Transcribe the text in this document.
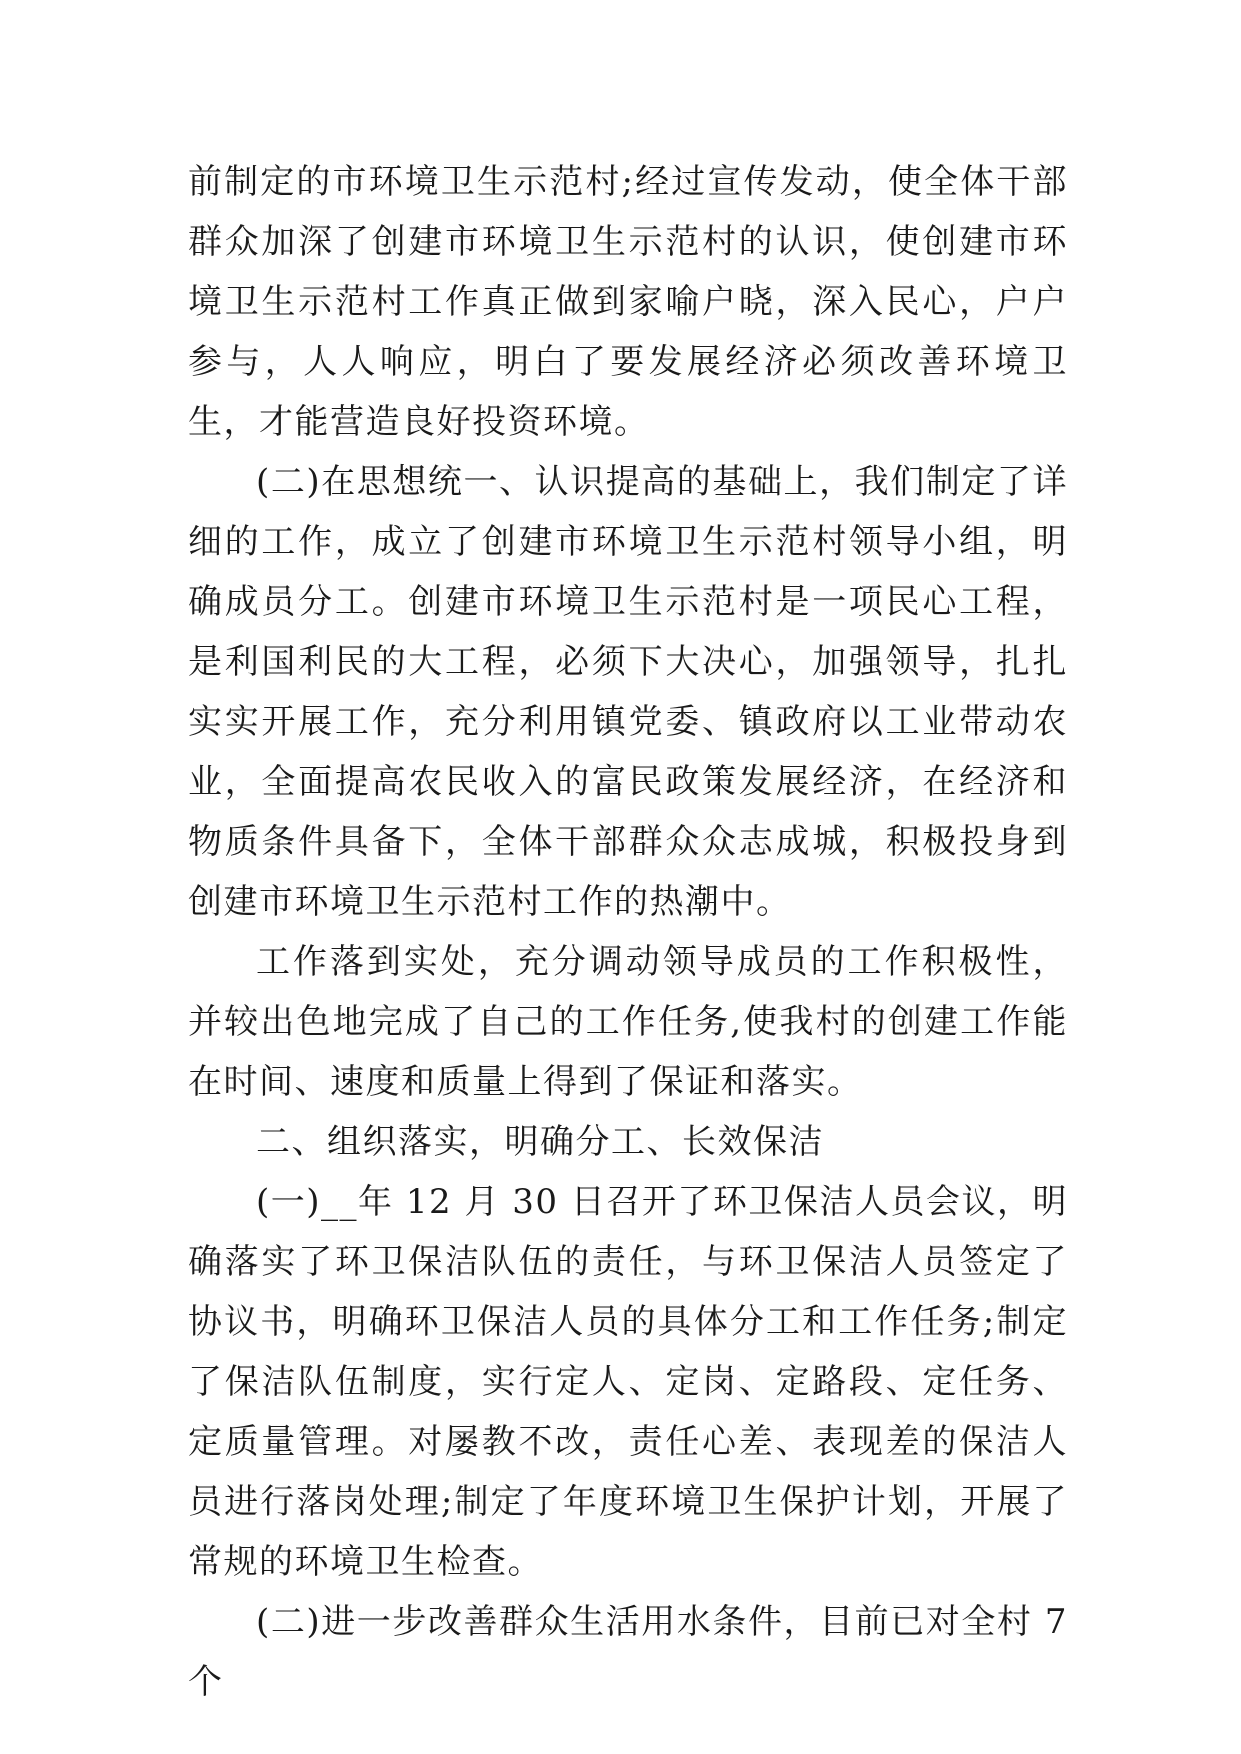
前制定的市环境卫生示范村;经过宣传发动，使全体干部群众加深了创建市环境卫生示范村的认识，使创建市环境卫生示范村工作真正做到家喻户晓，深入民心，户户参与，人人响应，明白了要发展经济必须改善环境卫生，才能营造良好投资环境。

(二)在思想统一、认识提高的基础上，我们制定了详细的工作，成立了创建市环境卫生示范村领导小组，明确成员分工。创建市环境卫生示范村是一项民心工程，是利国利民的大工程，必须下大决心，加强领导，扎扎实实开展工作，充分利用镇党委、镇政府以工业带动农业，全面提高农民收入的富民政策发展经济，在经济和物质条件具备下，全体干部群众众志成城，积极投身到创建市环境卫生示范村工作的热潮中。

工作落到实处，充分调动领导成员的工作积极性，并较出色地完成了自己的工作任务,使我村的创建工作能在时间、速度和质量上得到了保证和落实。

二、组织落实，明确分工、长效保洁

(一)__年 12 月 30 日召开了环卫保洁人员会议，明确落实了环卫保洁队伍的责任，与环卫保洁人员签定了协议书，明确环卫保洁人员的具体分工和工作任务;制定了保洁队伍制度，实行定人、定岗、定路段、定任务、定质量管理。对屡教不改，责任心差、表现差的保洁人员进行落岗处理;制定了年度环境卫生保护计划，开展了常规的环境卫生检查。

(二)进一步改善群众生活用水条件，目前已对全村 7 个
